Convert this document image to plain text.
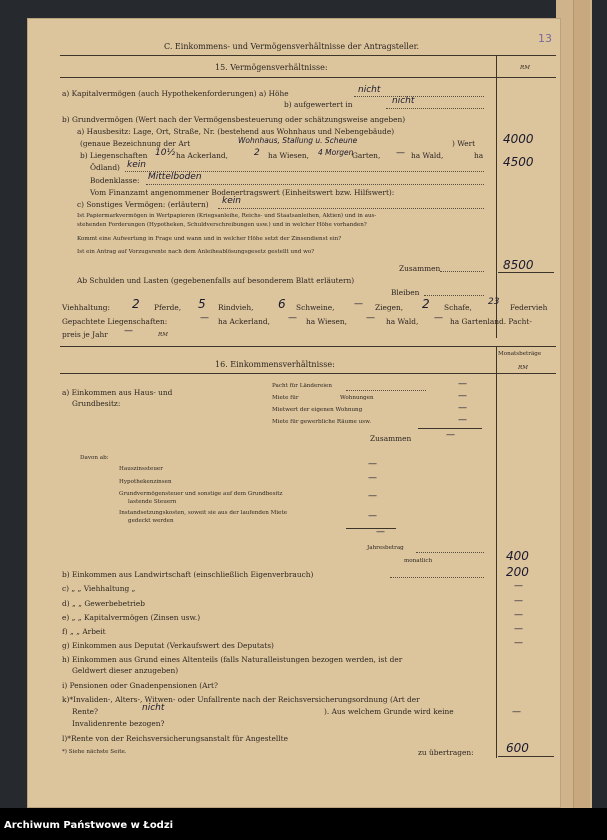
C. Einkommens- und Vermögensverhältnisse der Antragsteller.
13
15. Vermögensverhältnisse:	RM
a) Kapitalvermögen (auch Hypothekenforderungen) a) Höhe	nicht
b) aufgewertert in	nicht
b) Grundvermögen (Wert nach der Vermögensbesteuerung oder schätzungsweise angeben)
a) Hausbesitz: Lage, Ort, Straße, Nr. (bestehend aus Wohnhaus und Nebengebäude)
(genaue Bezeichnung der Art	Wohnhaus, Stallung u. Scheune	) Wert 4000
b) Liegenschaften 10½ ha Ackerland,	2 ha Wiesen, 4 Morgen
Garten, — ha Wald,	ha 4500
Ödland) kein
Bodenklasse: Mittelboden
Vom Finanzamt angenommener Bodenertragswert (Einheitswert bzw. Hilfswert):
c) Sonstiges Vermögen: (erläutern) kein
Ist Papiermarkvermögen in Wertpapieren (Kriegsanleihe, Reichs- und Staatsanleihen, Aktien) und in aus-
stehenden Forderungen (Hypotheken, Schuldverschreibungen usw.) und in welcher Höhe vorhanden?
Kommt eine Aufwertung in Frage und wann und in welcher Höhe setzt der Zinsendienst ein?
Ist ein Antrag auf Vorzugsrente nach dem Anleiheablösungsgesetz gestellt und wo?
Zusammen	8500
Ab Schulden und Lasten (gegebenenfalls auf besonderem Blatt erläutern)
Bleiben
Viehhaltung: 2 Pferde, 5 Rindvieh, 6 Schweine, — Ziegen, 2 Schafe,
23
Federvieh
Gepachtete Liegenschaften:	— ha Ackerland, — ha Wiesen, — ha Wald, — ha Gartenland. Pacht-
preis je Jahr —	RM
16. Einkommensverhältnisse:
Monatsbeträge
RM
a) Einkommen aus Haus- und
Grundbesitz:
Pacht für Ländereien	—
Miete für	Wohnungen	—
Mietwert der eigenen Wohnung	—
Miete für gewerbliche Räume usw.	—
Zusammen	—
Davon ab:
Hauszinssteuer	—
Hypothekenzinsen	—
Grundvermögensteuer und sonstige auf dem Grundbesitz
lastende Steuern
—
Instandsetzungskosten, soweit sie aus der laufenden Miete
gedeckt werden	—
—
Jahresbetrag
monatlich	400
b) Einkommen aus Landwirtschaft (einschließlich Eigenverbrauch)	200
c) „ „ Viehhaltung „	—
d) „ „ Gewerbebetrieb	—
e) „ „ Kapitalvermögen (Zinsen usw.)	—
f) „ „ Arbeit	—
g) Einkommen aus Deputat (Verkaufswert des Deputats)	—
h) Einkommen aus Grund eines Altenteils (falls Naturalleistungen bezogen werden, ist der
Geldwert dieser anzugeben)
i) Pensionen oder Gnadenpensionen (Art?
k)*Invaliden-, Alters-, Witwen- oder Unfallrente nach der Reichsversicherungsordnung (Art der
Rente?	nicht	). Aus welchem Grunde wird keine
Invalidenrente bezogen?
—
l)*Rente von der Reichsversicherungsanstalt für Angestellte
*) Siehe nächste Seite.	zu übertragen:	600
Archiwum Państwowe w Łodzi
